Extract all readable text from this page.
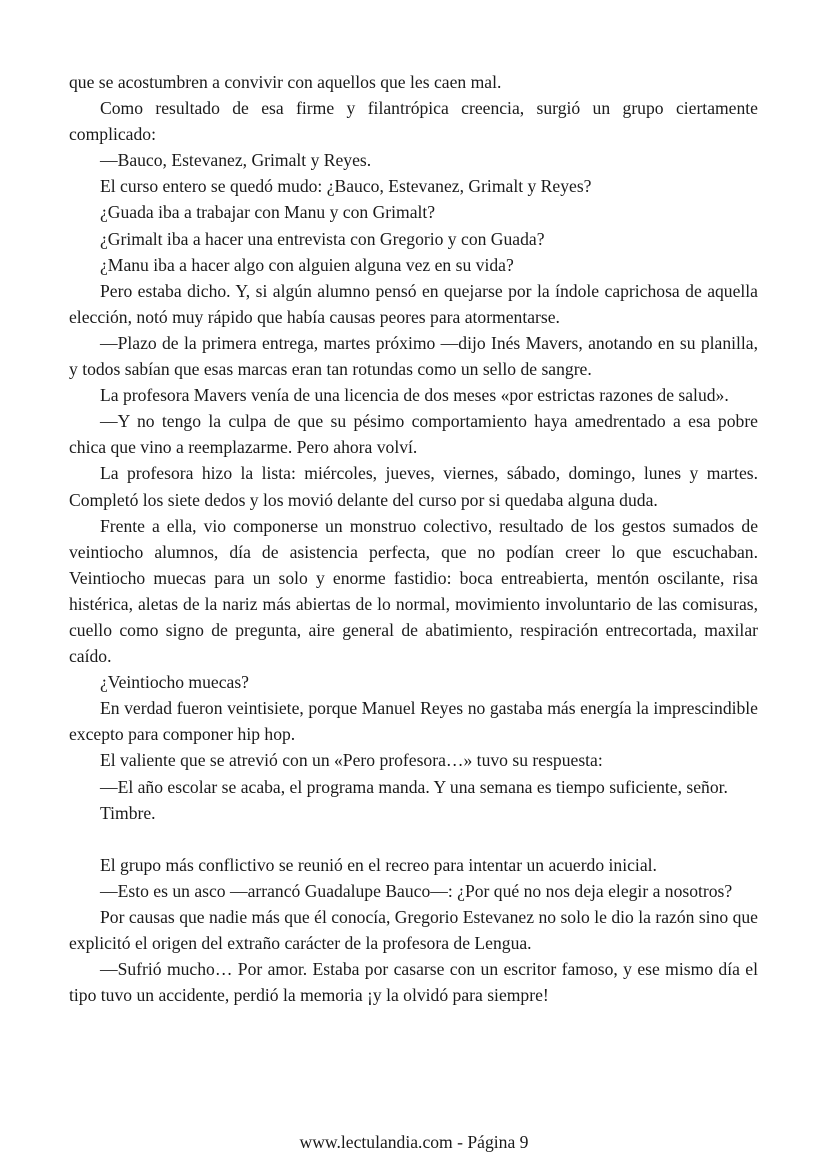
que se acostumbren a convivir con aquellos que les caen mal.

Como resultado de esa firme y filantrópica creencia, surgió un grupo ciertamente complicado:

—Bauco, Estevanez, Grimalt y Reyes.

El curso entero se quedó mudo: ¿Bauco, Estevanez, Grimalt y Reyes?

¿Guada iba a trabajar con Manu y con Grimalt?

¿Grimalt iba a hacer una entrevista con Gregorio y con Guada?

¿Manu iba a hacer algo con alguien alguna vez en su vida?

Pero estaba dicho. Y, si algún alumno pensó en quejarse por la índole caprichosa de aquella elección, notó muy rápido que había causas peores para atormentarse.

—Plazo de la primera entrega, martes próximo —dijo Inés Mavers, anotando en su planilla, y todos sabían que esas marcas eran tan rotundas como un sello de sangre.

La profesora Mavers venía de una licencia de dos meses «por estrictas razones de salud».

—Y no tengo la culpa de que su pésimo comportamiento haya amedrentado a esa pobre chica que vino a reemplazarme. Pero ahora volví.

La profesora hizo la lista: miércoles, jueves, viernes, sábado, domingo, lunes y martes. Completó los siete dedos y los movió delante del curso por si quedaba alguna duda.

Frente a ella, vio componerse un monstruo colectivo, resultado de los gestos sumados de veintiocho alumnos, día de asistencia perfecta, que no podían creer lo que escuchaban. Veintiocho muecas para un solo y enorme fastidio: boca entreabierta, mentón oscilante, risa histérica, aletas de la nariz más abiertas de lo normal, movimiento involuntario de las comisuras, cuello como signo de pregunta, aire general de abatimiento, respiración entrecortada, maxilar caído.

¿Veintiocho muecas?

En verdad fueron veintisiete, porque Manuel Reyes no gastaba más energía la imprescindible excepto para componer hip hop.

El valiente que se atrevió con un «Pero profesora…» tuvo su respuesta:

—El año escolar se acaba, el programa manda. Y una semana es tiempo suficiente, señor.

Timbre.

El grupo más conflictivo se reunió en el recreo para intentar un acuerdo inicial.

—Esto es un asco —arrancó Guadalupe Bauco—: ¿Por qué no nos deja elegir a nosotros?

Por causas que nadie más que él conocía, Gregorio Estevanez no solo le dio la razón sino que explicitó el origen del extraño carácter de la profesora de Lengua.

—Sufrió mucho… Por amor. Estaba por casarse con un escritor famoso, y ese mismo día el tipo tuvo un accidente, perdió la memoria ¡y la olvidó para siempre!

www.lectulandia.com - Página 9
